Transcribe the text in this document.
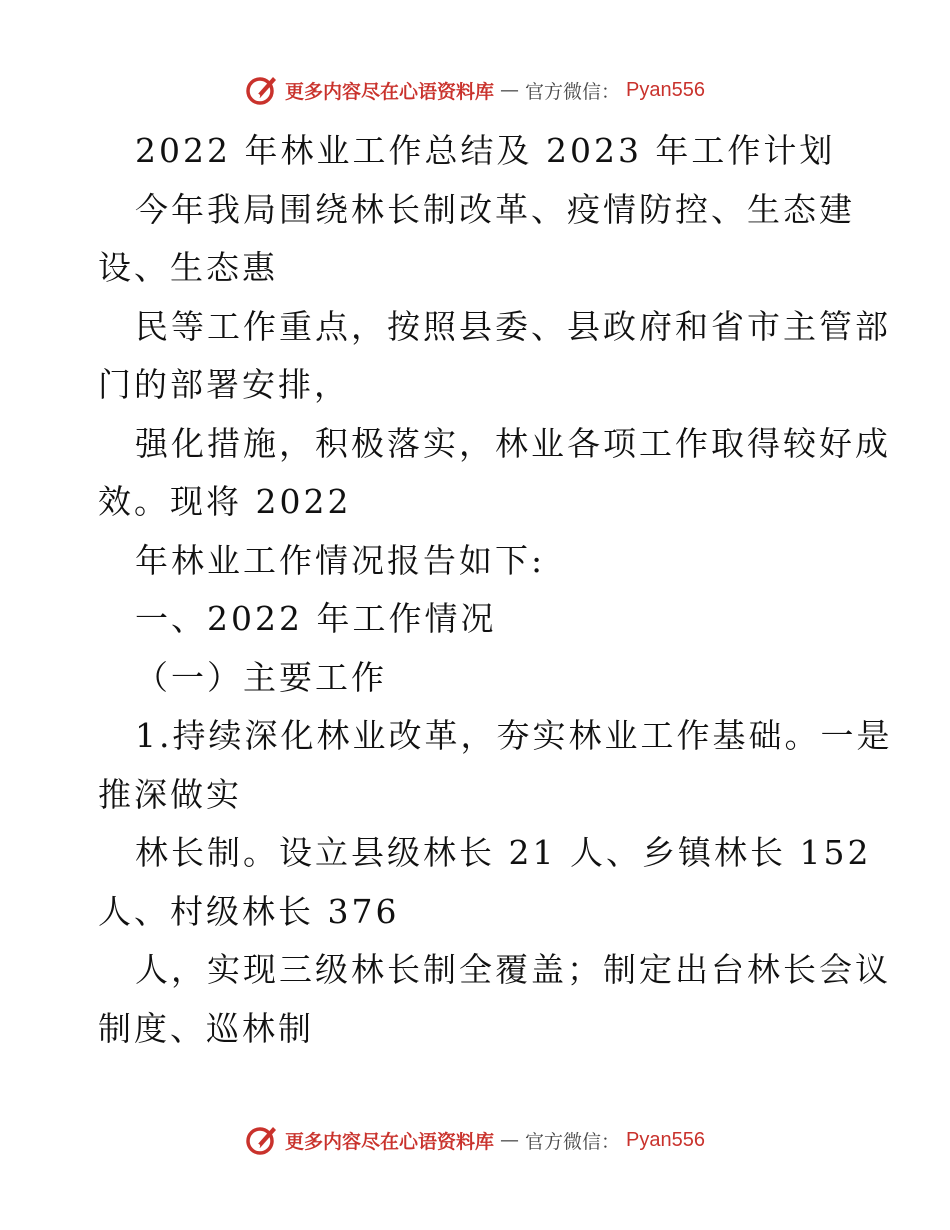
更多内容尽在心语资料库 — 官方微信： Pyan556
2022 年林业工作总结及 2023 年工作计划
今年我局围绕林长制改革、疫情防控、生态建
设、生态惠
民等工作重点，按照县委、县政府和省市主管部
门的部署安排，
强化措施，积极落实，林业各项工作取得较好成
效。现将 2022
年林业工作情况报告如下:
一、2022 年工作情况
（一）主要工作
1.持续深化林业改革，夯实林业工作基础。一是
推深做实
林长制。设立县级林长 21 人、乡镇林长 152
人、村级林长 376
人，实现三级林长制全覆盖；制定出台林长会议
制度、巡林制
更多内容尽在心语资料库 — 官方微信： Pyan556
